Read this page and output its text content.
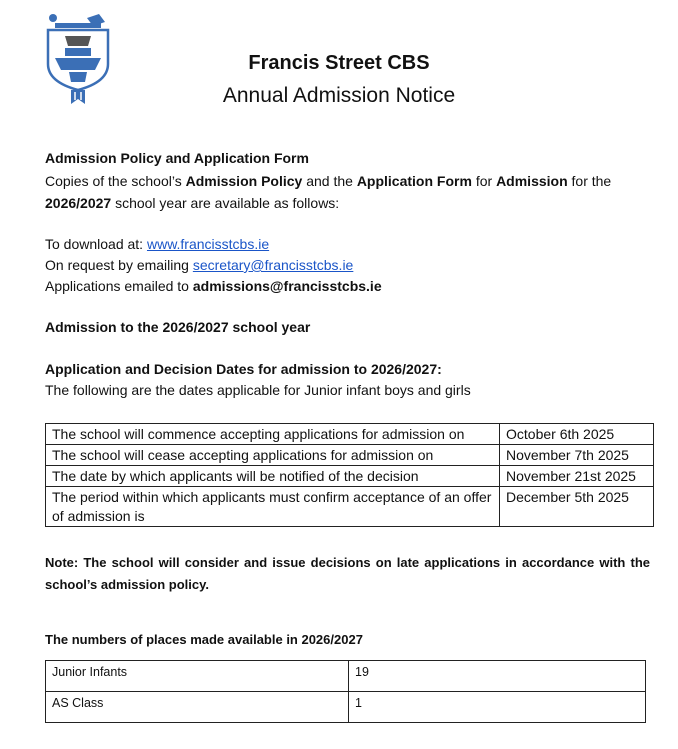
Francis Street CBS
Annual Admission Notice
Admission Policy and Application Form
Copies of the school’s Admission Policy and the Application Form for Admission for the
2026/2027 school year are available as follows:
To download at: www.francisstcbs.ie
On request by emailing secretary@francisstcbs.ie
Applications emailed to admissions@francisstcbs.ie
Admission to the 2026/2027 school year
Application and Decision Dates for admission to 2026/2027:
The following are the dates applicable for Junior infant boys and girls
The school will commence accepting applications for admission on	October 6th 2025
The school will cease accepting applications for admission on	November 7th 2025
The date by which applicants will be notified of the decision	November 21st 2025
The period within which applicants must confirm acceptance of an offer of admission is	December 5th 2025
Note: The school will consider and issue decisions on late applications in accordance with the school’s admission policy.
The numbers of places made available in 2026/2027
Junior Infants	19
AS Class	1
